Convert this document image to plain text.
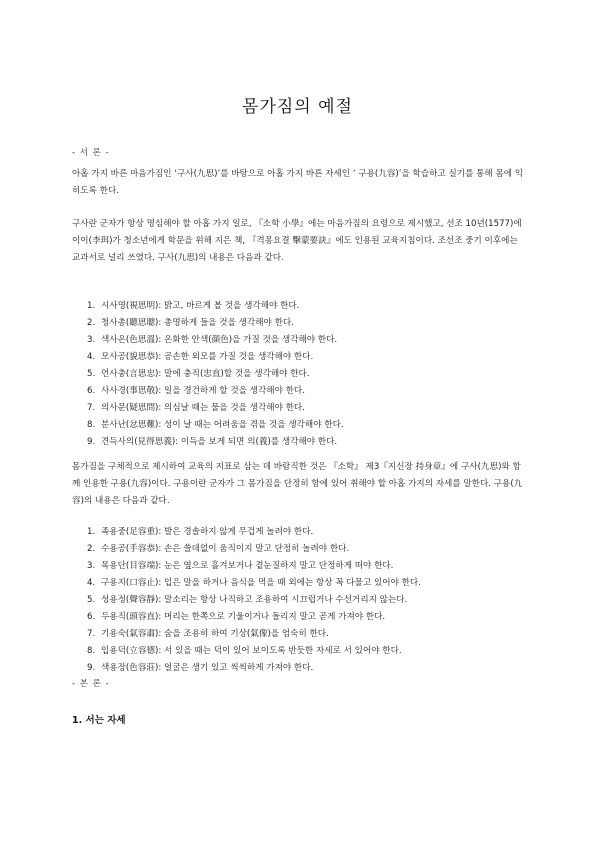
몸가짐의 예절
- 서 론 -

아홉 가지 바른 마음가짐인 ‘구사(九思)’를 바탕으로 아홉 가지 바른 자세인 ‘ 구용(九容)’을 학습하고 실기를 통해 몸에 익히도록 한다.

구사란 군자가 항상 명심해야 할 아홉 가지 일로, 『소학 小學』에는 마음가짐의 요령으로 제시했고, 선조 10년(1577)에 이이(李珥)가 청소년에게 학문을 위해 지은 책, 『격몽요결 擊蒙要訣』에도 인용된 교육지침이다. 조선조 중기 이후에는 교과서로 널리 쓰였다. 구사(九思)의 내용은 다음과 같다.

1. 시사명(視思明): 밝고, 바르게 볼 것을 생각해야 한다.
2. 청사총(聽思聰): 총명하게 들을 것을 생각해야 한다.
3. 색사온(色思溫): 온화한 안색(顔色)을 가질 것을 생각해야 한다.
4. 모사공(貌思恭): 공손한 외모를 가질 것을 생각해야 한다.
5. 언사충(言思忠): 말에 충직(忠直)할 것을 생각해야 한다.
6. 사사경(事思敬): 일을 경건하게 할 것을 생각해야 한다.
7. 의사문(疑思問): 의심날 때는 물을 것을 생각해야 한다.
8. 분사난(忿思難): 성이 날 때는 어려움을 겪을 것을 생각해야 한다.
9. 견득사의(見得思義): 이득을 보게 되면 의(義)를 생각해야 한다.

몸가짐을 구체적으로 제시하여 교육의 지표로 삼는 데 바람직한 것은 『소학』 제3『지신장 持身章』에 구사(九思)와 함께 인용한 구용(九容)이다. 구용이란 군자가 그 몸가짐을 단정히 함에 있어 취해야 할 아홉 가지의 자세를 말한다. 구용(九容)의 내용은 다음과 같다.

1. 족용중(足容重): 발은 경솔하지 않게 무겁게 놀려야 한다.
2. 수용공(手容恭): 손은 쓸데없이 움직이지 말고 단정히 놀려야 한다.
3. 목용단(目容端): 눈은 옆으로 흘겨보거나 곁눈질하지 말고 단정하게 떠야 한다.
4. 구용지(口容止): 입은 말을 하거나 음식을 먹을 때 외에는 항상 꼭 다물고 있어야 한다.
5. 성용정(聲容靜): 말소리는 항상 나직하고 조용하여 시끄럽거나 수선거리지 않는다.
6. 두용직(頭容直): 머리는 한쪽으로 기울이거나 돌리지 말고 곧게 가져야 한다.
7. 기용숙(氣容肅): 숨을 조용히 하여 기상(氣像)을 엄숙히 한다.
8. 입용덕(立容德): 서 있을 때는 덕이 있어 보이도록 반듯한 자세로 서 있어야 한다.
9. 색용장(色容莊): 얼굴은 생기 있고 씩씩하게 가져야 한다.
- 본 론 -
1. 서는 자세
